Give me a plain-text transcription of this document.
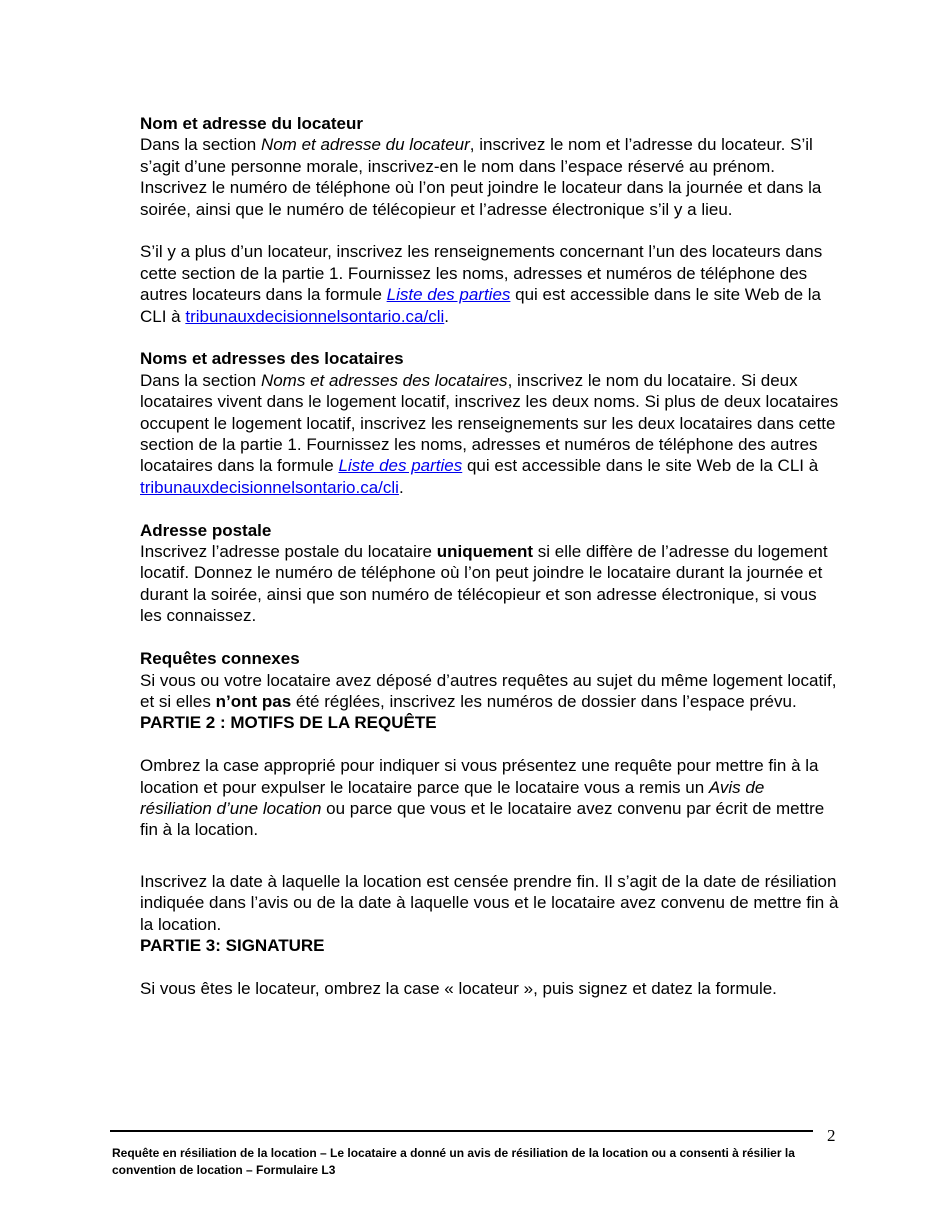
Nom et adresse du locateur

Dans la section Nom et adresse du locateur, inscrivez le nom et l’adresse du locateur. S’il s’agit d’une personne morale, inscrivez-en le nom dans l’espace réservé au prénom. Inscrivez le numéro de téléphone où l’on peut joindre le locateur dans la journée et dans la soirée, ainsi que le numéro de télécopieur et l’adresse électronique s’il y a lieu.

S’il y a plus d’un locateur, inscrivez les renseignements concernant l’un des locateurs dans cette section de la partie 1. Fournissez les noms, adresses et numéros de téléphone des autres locateurs dans la formule Liste des parties qui est accessible dans le site Web de la CLI à tribunauxdecisionnelsontario.ca/cli.

Noms et adresses des locataires

Dans la section Noms et adresses des locataires, inscrivez le nom du locataire. Si deux locataires vivent dans le logement locatif, inscrivez les deux noms. Si plus de deux locataires occupent le logement locatif, inscrivez les renseignements sur les deux locataires dans cette section de la partie 1. Fournissez les noms, adresses et numéros de téléphone des autres locataires dans la formule Liste des parties qui est accessible dans le site Web de la CLI à tribunauxdecisionnelsontario.ca/cli.

Adresse postale

Inscrivez l’adresse postale du locataire uniquement si elle diffère de l’adresse du logement locatif. Donnez le numéro de téléphone où l’on peut joindre le locataire durant la journée et durant la soirée, ainsi que son numéro de télécopieur et son adresse électronique, si vous les connaissez.

Requêtes connexes

Si vous ou votre locataire avez déposé d’autres requêtes au sujet du même logement locatif, et si elles n’ont pas été réglées, inscrivez les numéros de dossier dans l’espace prévu.

PARTIE 2 : MOTIFS DE LA REQUÊTE

Ombrez la case approprié pour indiquer si vous présentez une requête pour mettre fin à la location et pour expulser le locataire parce que le locataire vous a remis un Avis de résiliation d’une location ou parce que vous et le locataire avez convenu par écrit de mettre fin à la location.

Inscrivez la date à laquelle la location est censée prendre fin. Il s’agit de la date de résiliation indiquée dans l’avis ou de la date à laquelle vous et le locataire avez convenu de mettre fin à la location.

PARTIE 3: SIGNATURE

Si vous êtes le locateur, ombrez la case « locateur », puis signez et datez la formule.

2
Requête en résiliation de la location – Le locataire a donné un avis de résiliation de la location ou a consenti à résilier la convention de location – Formulaire L3
